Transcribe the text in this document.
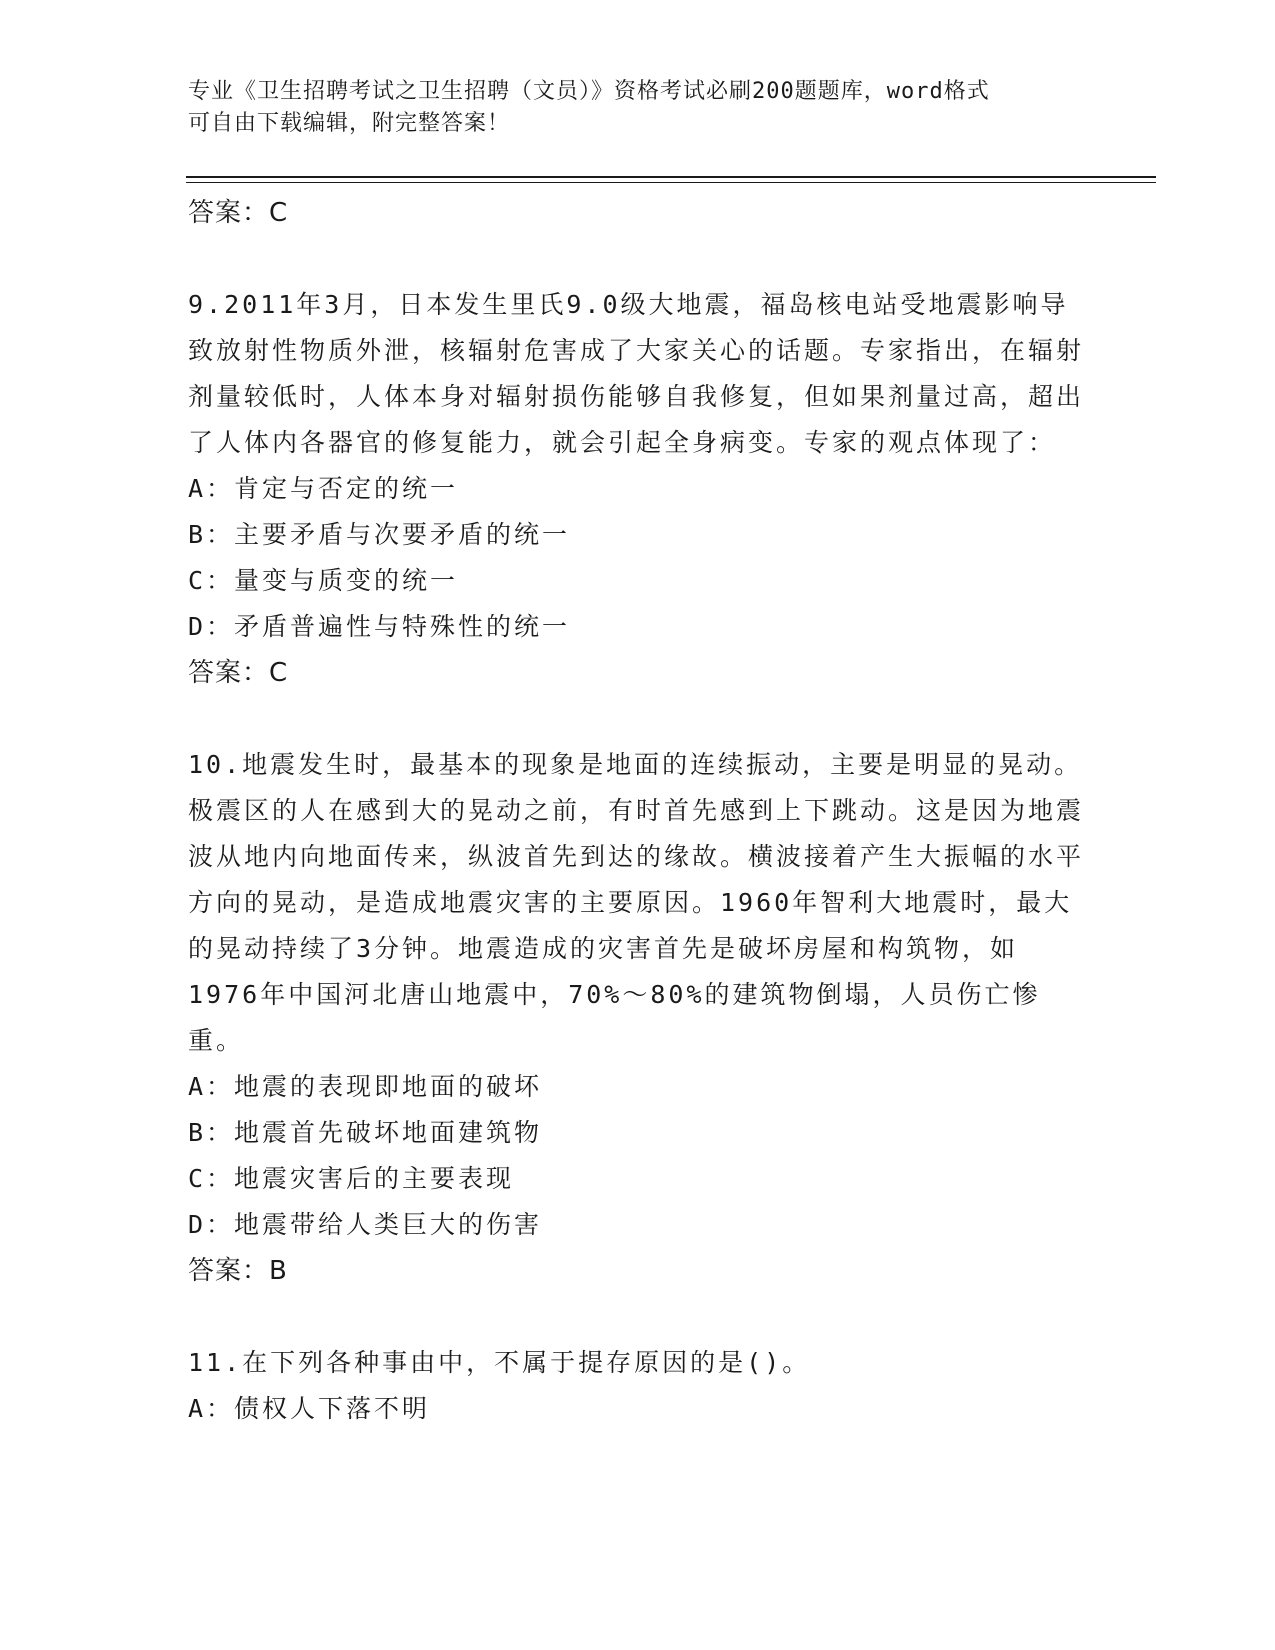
专业《卫生招聘考试之卫生招聘（文员）》资格考试必刷200题题库，word格式
可自由下载编辑，附完整答案！

答案：C

9.2011年3月，日本发生里氏9.0级大地震，福岛核电站受地震影响导致放射性物质外泄，核辐射危害成了大家关心的话题。专家指出，在辐射剂量较低时，人体本身对辐射损伤能够自我修复，但如果剂量过高，超出了人体内各器官的修复能力，就会引起全身病变。专家的观点体现了：

A：肯定与否定的统一

B：主要矛盾与次要矛盾的统一

C：量变与质变的统一

D：矛盾普遍性与特殊性的统一

答案：C

10.地震发生时，最基本的现象是地面的连续振动，主要是明显的晃动。极震区的人在感到大的晃动之前，有时首先感到上下跳动。这是因为地震波从地内向地面传来，纵波首先到达的缘故。横波接着产生大振幅的水平方向的晃动，是造成地震灾害的主要原因。1960年智利大地震时，最大的晃动持续了3分钟。地震造成的灾害首先是破坏房屋和构筑物，如1976年中国河北唐山地震中，70%～80%的建筑物倒塌，人员伤亡惨重。

A：地震的表现即地面的破坏

B：地震首先破坏地面建筑物

C：地震灾害后的主要表现

D：地震带给人类巨大的伤害

答案：B

11.在下列各种事由中，不属于提存原因的是()。

A：债权人下落不明
